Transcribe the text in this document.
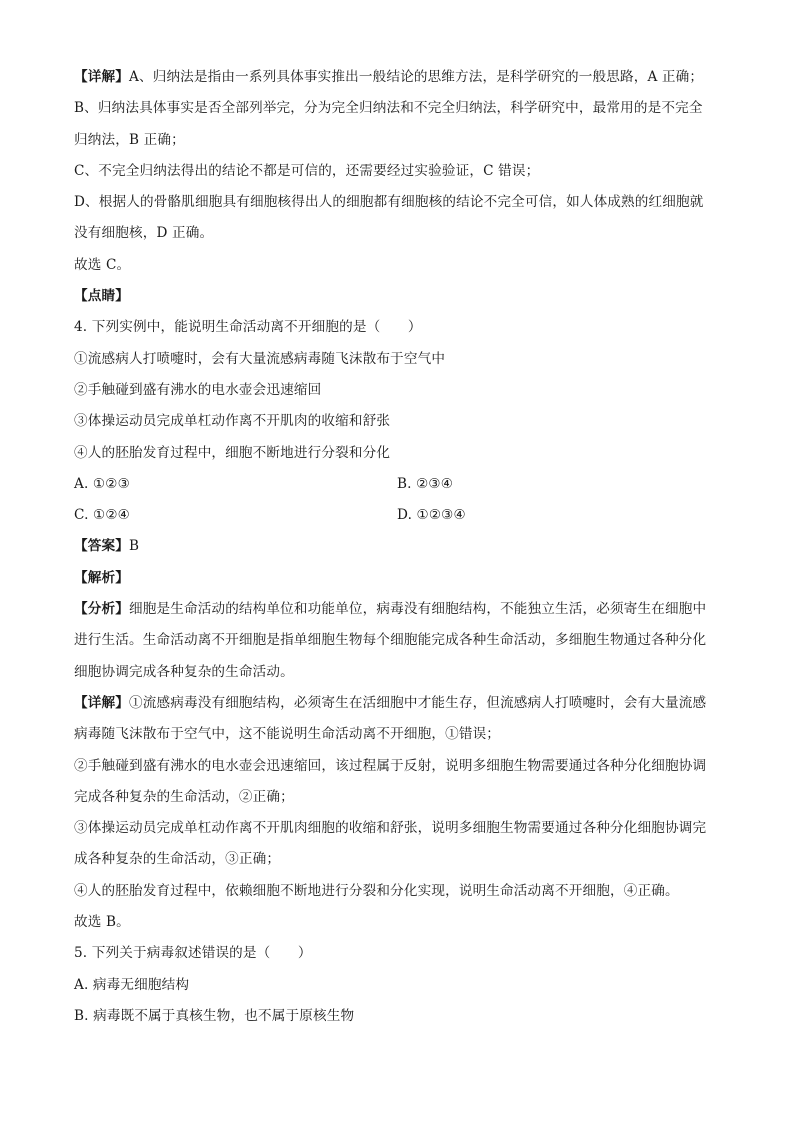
【详解】A、归纳法是指由一系列具体事实推出一般结论的思维方法，是科学研究的一般思路，A 正确；
B、归纳法具体事实是否全部列举完，分为完全归纳法和不完全归纳法，科学研究中，最常用的是不完全
归纳法，B 正确；
C、不完全归纳法得出的结论不都是可信的，还需要经过实验验证，C 错误；
D、根据人的骨骼肌细胞具有细胞核得出人的细胞都有细胞核的结论不完全可信，如人体成熟的红细胞就
没有细胞核，D 正确。
故选 C。
【点睛】
4. 下列实例中，能说明生命活动离不开细胞的是（　　）
①流感病人打喷嚏时，会有大量流感病毒随飞沫散布于空气中
②手触碰到盛有沸水的电水壶会迅速缩回
③体操运动员完成单杠动作离不开肌肉的收缩和舒张
④人的胚胎发育过程中，细胞不断地进行分裂和分化
A. ①②③	B. ②③④
C. ①②④	D. ①②③④
【答案】B
【解析】
【分析】细胞是生命活动的结构单位和功能单位，病毒没有细胞结构，不能独立生活，必须寄生在细胞中
进行生活。生命活动离不开细胞是指单细胞生物每个细胞能完成各种生命活动，多细胞生物通过各种分化
细胞协调完成各种复杂的生命活动。
【详解】①流感病毒没有细胞结构，必须寄生在活细胞中才能生存，但流感病人打喷嚏时，会有大量流感
病毒随飞沫散布于空气中，这不能说明生命活动离不开细胞，①错误；
②手触碰到盛有沸水的电水壶会迅速缩回，该过程属于反射，说明多细胞生物需要通过各种分化细胞协调
完成各种复杂的生命活动，②正确；
③体操运动员完成单杠动作离不开肌肉细胞的收缩和舒张，说明多细胞生物需要通过各种分化细胞协调完
成各种复杂的生命活动，③正确；
④人的胚胎发育过程中，依赖细胞不断地进行分裂和分化实现，说明生命活动离不开细胞，④正确。
故选 B。
5. 下列关于病毒叙述错误的是（　　）
A. 病毒无细胞结构
B. 病毒既不属于真核生物，也不属于原核生物
